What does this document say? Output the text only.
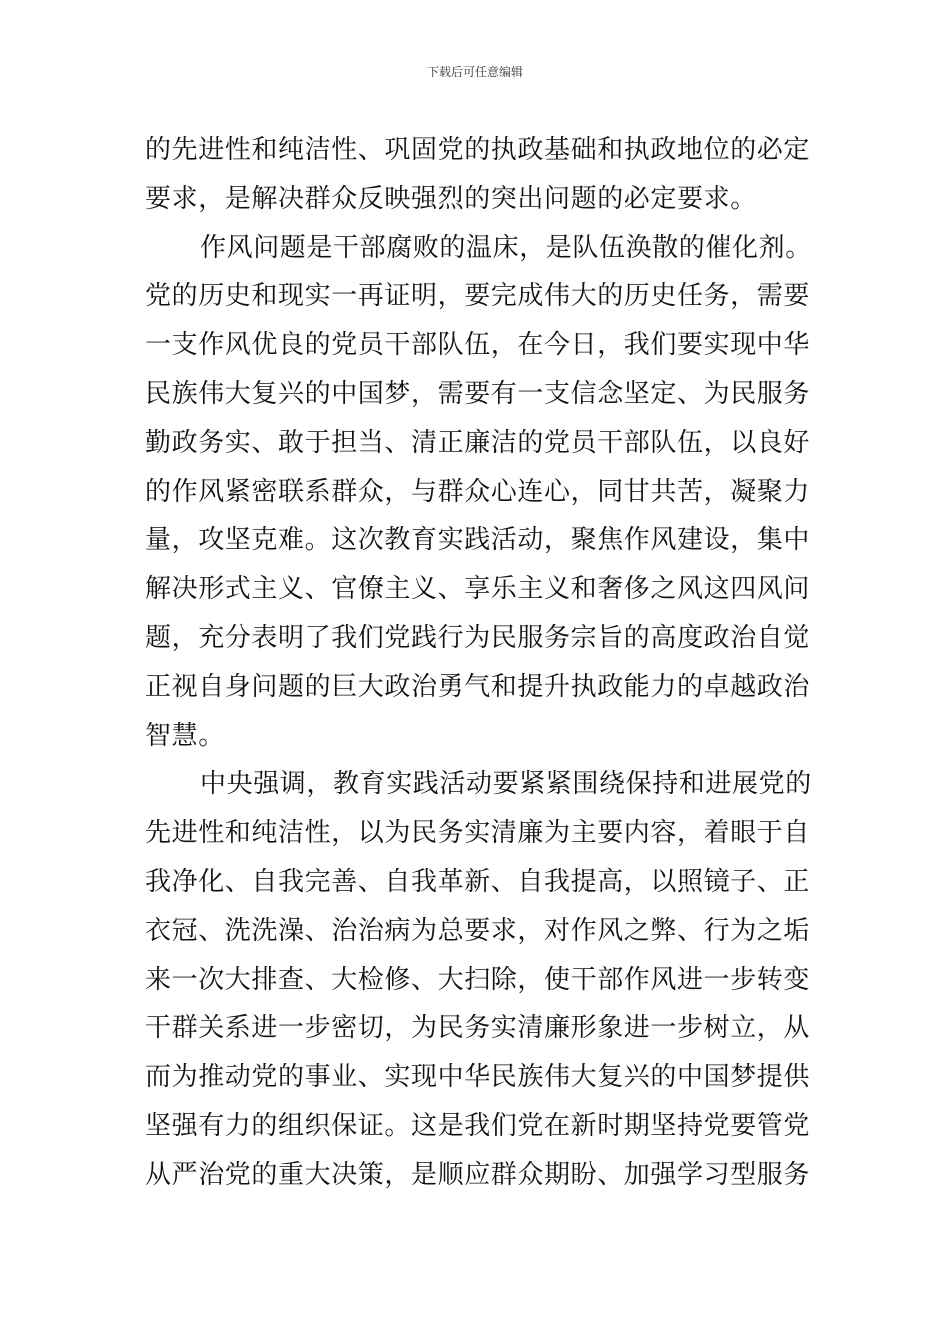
下载后可任意编辑
的先进性和纯洁性、巩固党的执政基础和执政地位的必定
要求，是解决群众反映强烈的突出问题的必定要求。
作风问题是干部腐败的温床，是队伍涣散的催化剂。
党的历史和现实一再证明，要完成伟大的历史任务，需要
一支作风优良的党员干部队伍，在今日，我们要实现中华
民族伟大复兴的中国梦，需要有一支信念坚定、为民服务
勤政务实、敢于担当、清正廉洁的党员干部队伍，以良好
的作风紧密联系群众，与群众心连心，同甘共苦，凝聚力
量，攻坚克难。这次教育实践活动，聚焦作风建设，集中
解决形式主义、官僚主义、享乐主义和奢侈之风这四风问
题，充分表明了我们党践行为民服务宗旨的高度政治自觉
正视自身问题的巨大政治勇气和提升执政能力的卓越政治
智慧。
中央强调，教育实践活动要紧紧围绕保持和进展党的
先进性和纯洁性，以为民务实清廉为主要内容，着眼于自
我净化、自我完善、自我革新、自我提高，以照镜子、正
衣冠、洗洗澡、治治病为总要求，对作风之弊、行为之垢
来一次大排查、大检修、大扫除，使干部作风进一步转变
干群关系进一步密切，为民务实清廉形象进一步树立，从
而为推动党的事业、实现中华民族伟大复兴的中国梦提供
坚强有力的组织保证。这是我们党在新时期坚持党要管党
从严治党的重大决策，是顺应群众期盼、加强学习型服务
